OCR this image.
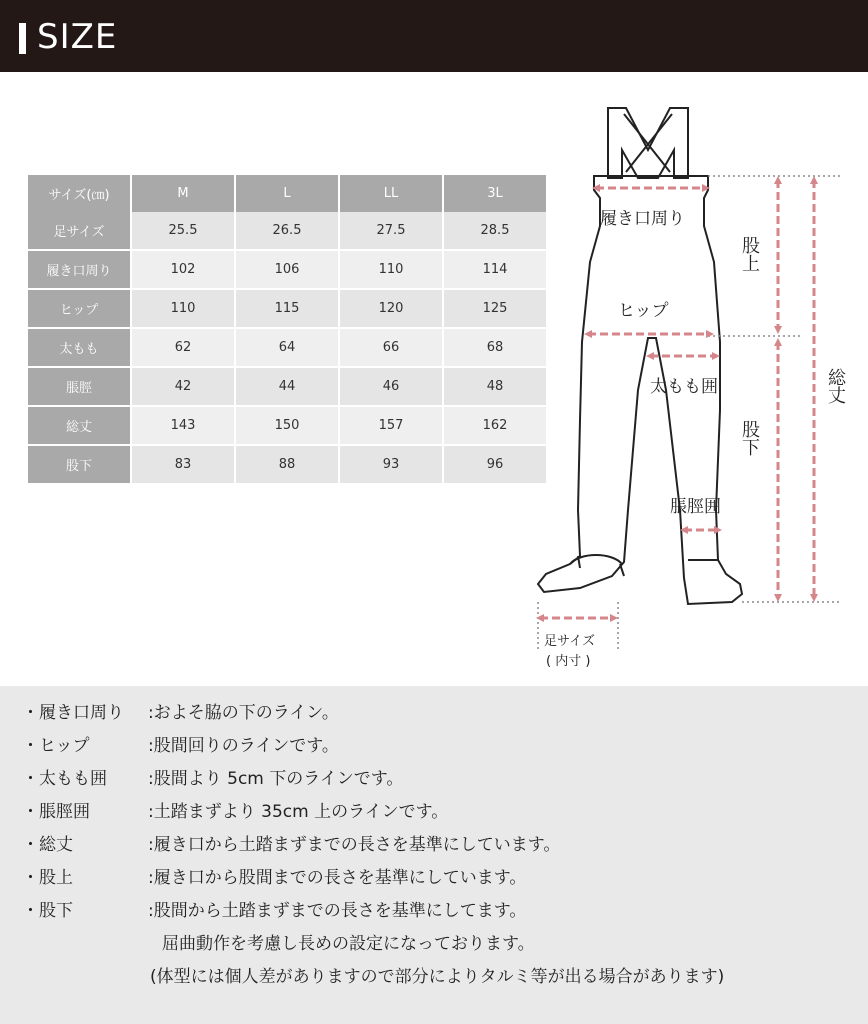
SIZE
サイズ(㎝)	M	L	LL	3L
足サイズ	25.5	26.5	27.5	28.5
履き口周り	102	106	110	114
ヒップ	110	115	120	125
太もも	62	64	66	68
脹脛	42	44	46	48
総丈	143	150	157	162
股下	83	88	93	96
履き口周り
ヒップ
太もも囲
脹脛囲
股上
股下
総丈
足サイズ
( 内寸 )
・履き口周り :およそ脇の下のライン。
・ヒップ	:股間回りのラインです。
・太もも囲 :股間より 5cm 下のラインです。
・脹脛囲	:土踏まずより 35cm 上のラインです。
・総丈	:履き口から土踏まずまでの長さを基準にしています。
・股上	:履き口から股間までの長さを基準にしています。
・股下	:股間から土踏まずまでの長さを基準にしてます。
屈曲動作を考慮し長めの設定になっております。
(体型には個人差がありますので部分によりタルミ等が出る場合があります)
